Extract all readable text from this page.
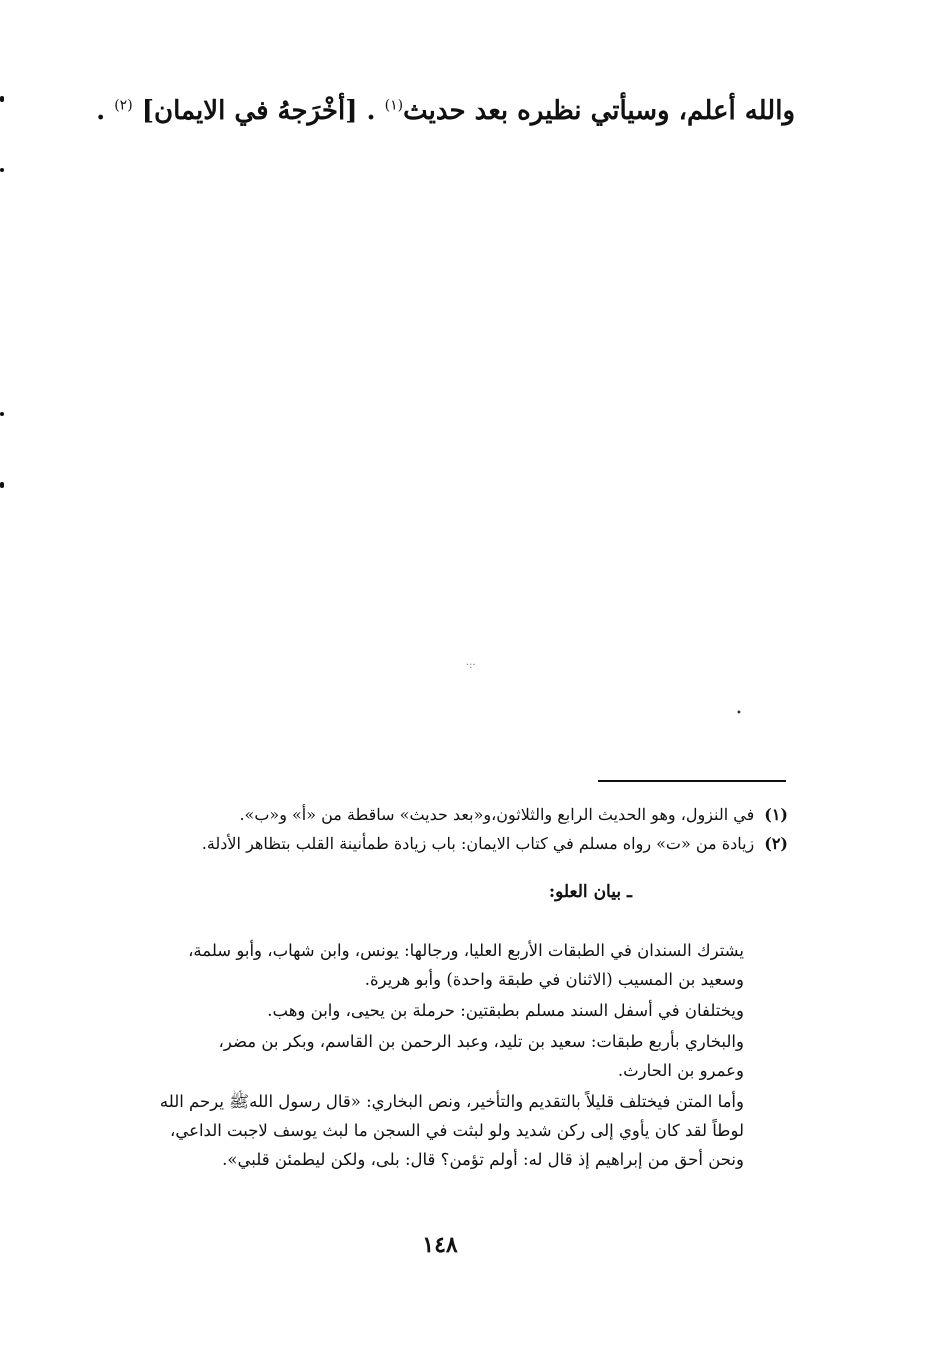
والله أعلم، وسيأتي نظيره بعد حديث$^{(١)}$ . [أخْرَجهُ في الايمان] $^{(٢)}$ .
·:·
•
(١)في النزول، وهو الحديث الرابع والثلاثون،و«بعد حديث» ساقطة من «أ» و«ب».
(٢)زيادة من «ت» رواه مسلم في كتاب الايمان: باب زيادة طمأنينة القلب بتظاهر الأدلة.
ـ بيان العلو:
يشترك السندان في الطبقات الأربع العليا، ورجالها: يونس، وابن شهاب، وأبو سلمة،
وسعيد بن المسيب (الاثنان في طبقة واحدة) وأبو هريرة.
ويختلفان في أسفل السند مسلم بطبقتين: حرملة بن يحيى، وابن وهب.
والبخاري بأربع طبقات: سعيد بن تليد، وعبد الرحمن بن القاسم، وبكر بن مضر،
وعمرو بن الحارث.
وأما المتن فيختلف قليلاً بالتقديم والتأخير، ونص البخاري: «قال رسول اللهﷺ يرحم الله
لوطاً لقد كان يأوي إلى ركن شديد ولو لبثت في السجن ما لبث يوسف لاجبت الداعي،
ونحن أحق من إبراهيم إذ قال له: أولم تؤمن؟ قال: بلى، ولكن ليطمئن قلبي».
١٤٨
